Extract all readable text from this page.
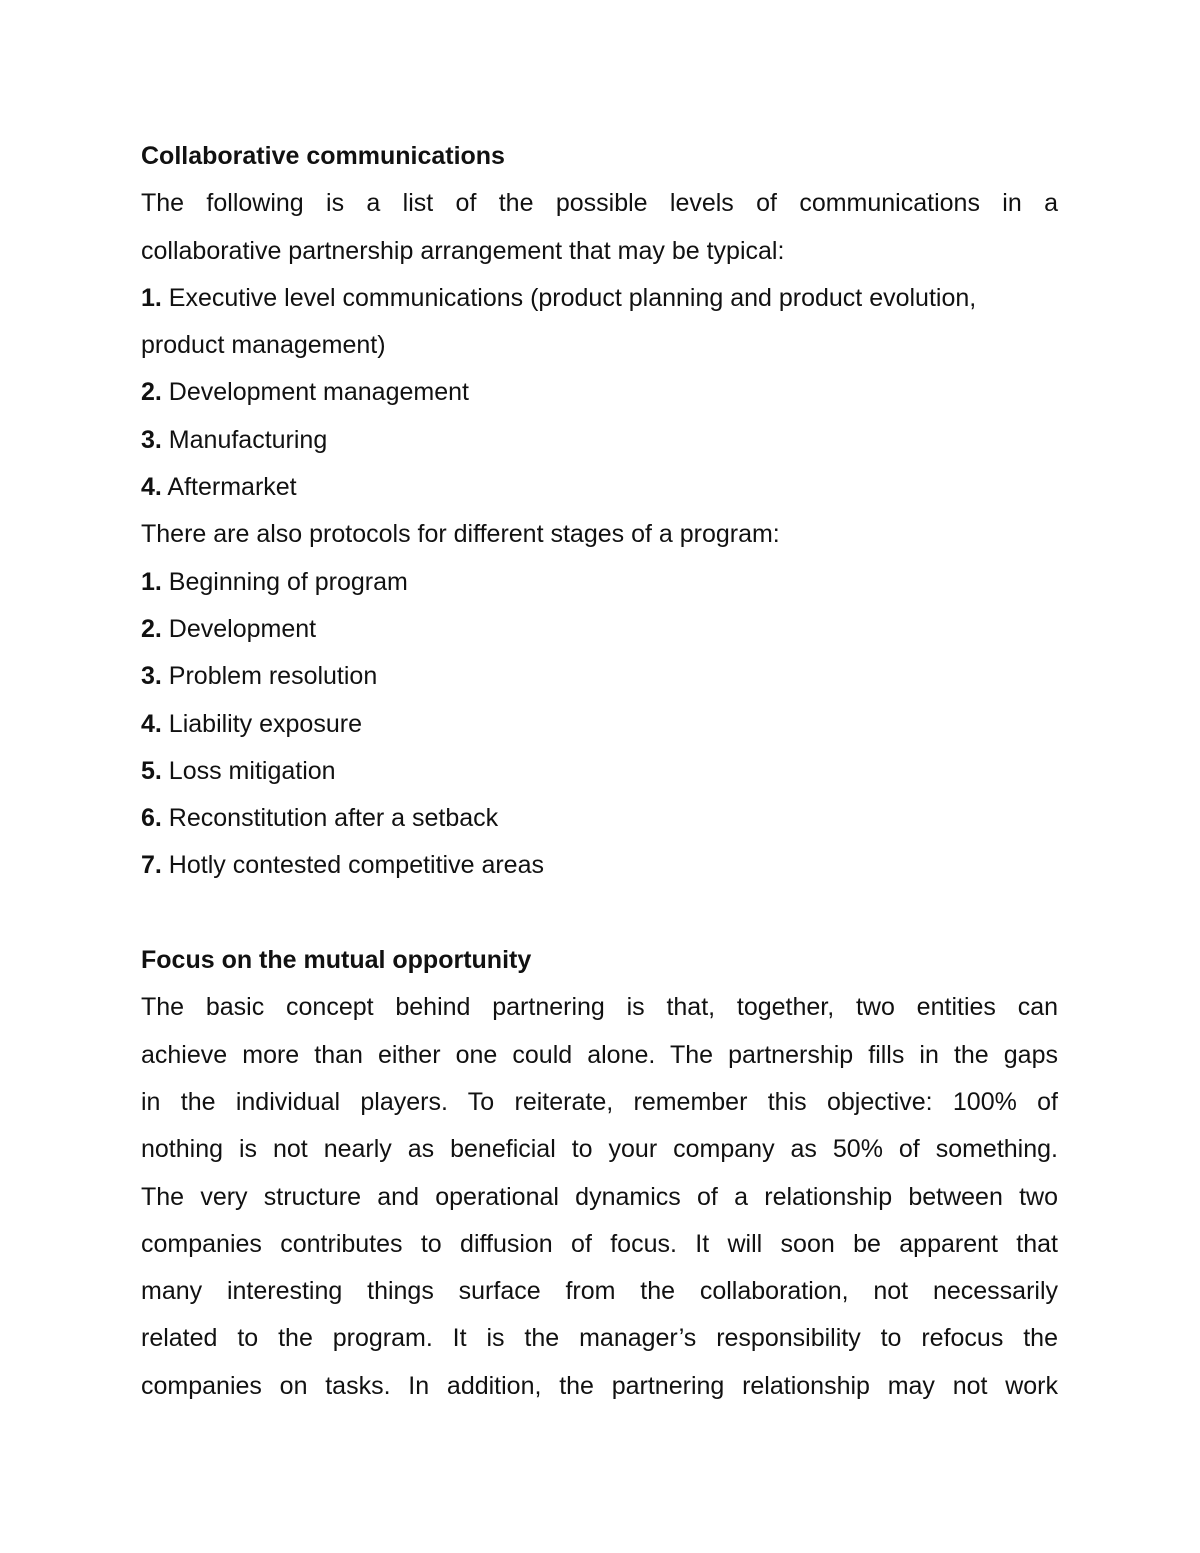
Collaborative communications
The following is a list of the possible levels of communications in a
collaborative partnership arrangement that may be typical:
1. Executive level communications (product planning and product evolution,
product management)
2. Development management
3. Manufacturing
4. Aftermarket
There are also protocols for different stages of a program:
1. Beginning of program
2. Development
3. Problem resolution
4. Liability exposure
5. Loss mitigation
6. Reconstitution after a setback
7. Hotly contested competitive areas
Focus on the mutual opportunity
The basic concept behind partnering is that, together, two entities can
achieve more than either one could alone. The partnership fills in the gaps
in the individual players. To reiterate, remember this objective: 100% of
nothing is not nearly as beneficial to your company as 50% of something.
The very structure and operational dynamics of a relationship between two
companies contributes to diffusion of focus. It will soon be apparent that
many interesting things surface from the collaboration, not necessarily
related to the program. It is the manager’s responsibility to refocus the
companies on tasks. In addition, the partnering relationship may not work
